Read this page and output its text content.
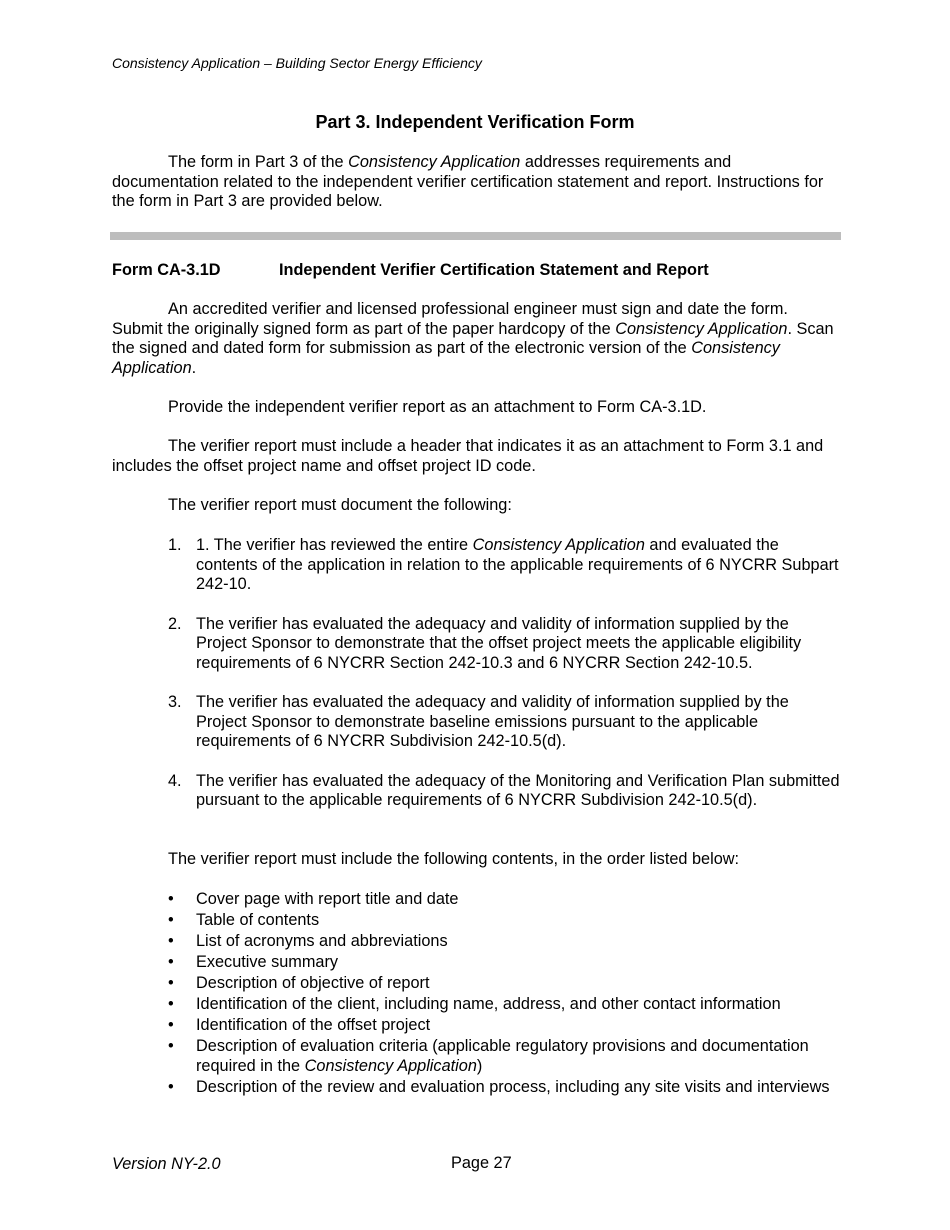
Consistency Application – Building Sector Energy Efficiency
Part 3. Independent Verification Form

The form in Part 3 of the Consistency Application addresses requirements and documentation related to the independent verifier certification statement and report. Instructions for the form in Part 3 are provided below.

Form CA-3.1D	Independent Verifier Certification Statement and Report

An accredited verifier and licensed professional engineer must sign and date the form. Submit the originally signed form as part of the paper hardcopy of the Consistency Application. Scan the signed and dated form for submission as part of the electronic version of the Consistency Application.

Provide the independent verifier report as an attachment to Form CA-3.1D.

The verifier report must include a header that indicates it as an attachment to Form 3.1 and includes the offset project name and offset project ID code.

The verifier report must document the following:

1. 1. The verifier has reviewed the entire Consistency Application and evaluated the contents of the application in relation to the applicable requirements of 6 NYCRR Subpart 242-10.
2. The verifier has evaluated the adequacy and validity of information supplied by the Project Sponsor to demonstrate that the offset project meets the applicable eligibility requirements of 6 NYCRR Section 242-10.3 and 6 NYCRR Section 242-10.5.
3. The verifier has evaluated the adequacy and validity of information supplied by the Project Sponsor to demonstrate baseline emissions pursuant to the applicable requirements of 6 NYCRR Subdivision 242-10.5(d).
4. The verifier has evaluated the adequacy of the Monitoring and Verification Plan submitted pursuant to the applicable requirements of 6 NYCRR Subdivision 242-10.5(d).

The verifier report must include the following contents, in the order listed below:

• Cover page with report title and date
• Table of contents
• List of acronyms and abbreviations
• Executive summary
• Description of objective of report
• Identification of the client, including name, address, and other contact information
• Identification of the offset project
• Description of evaluation criteria (applicable regulatory provisions and documentation required in the Consistency Application)
• Description of the review and evaluation process, including any site visits and interviews
Version NY-2.0	Page 27
